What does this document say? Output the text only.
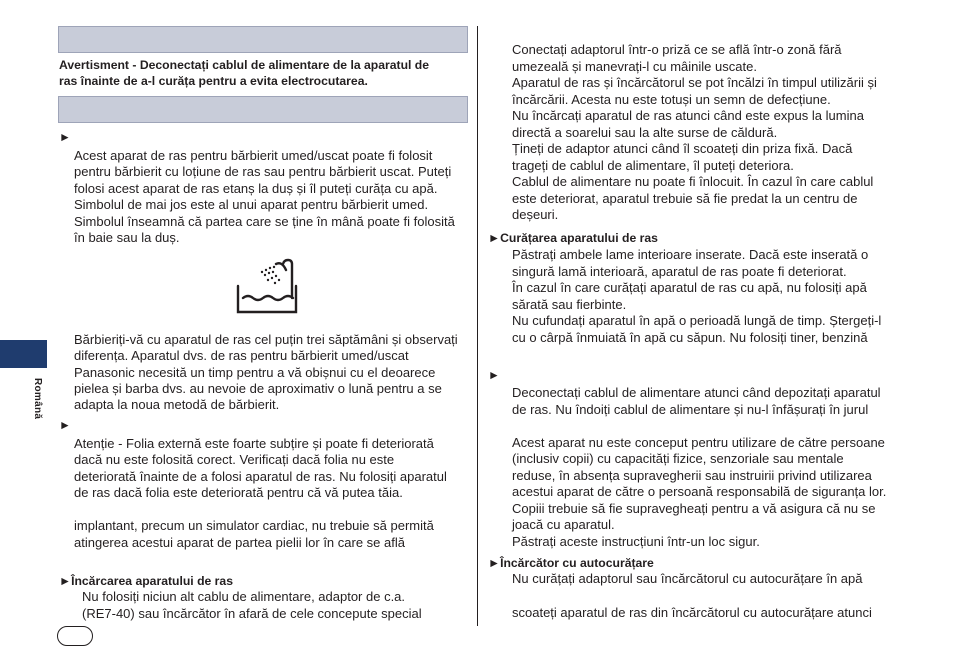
Avertisment - Deconectați cablul de alimentare de la aparatul de
ras înainte de a-l curăța pentru a evita electrocutarea.
►
►
Acest aparat de ras pentru bărbierit umed/uscat poate fi folosit
pentru bărbierit cu loțiune de ras sau pentru bărbierit uscat. Puteți
folosi acest aparat de ras etanș la duș și îl puteți curăța cu apă.
Simbolul de mai jos este al unui aparat pentru bărbierit umed.
Simbolul înseamnă că partea care se ține în mână poate fi folosită
în baie sau la duș.
Bărbieriți-vă cu aparatul de ras cel puțin trei săptămâni și observați
diferența. Aparatul dvs. de ras pentru bărbierit umed/uscat
Panasonic necesită un timp pentru a vă obișnui cu el deoarece
pielea și barba dvs. au nevoie de aproximativ o lună pentru a se
adapta la noua metodă de bărbierit.
Atenție - Folia externă este foarte subțire și poate fi deteriorată
dacă nu este folosită corect. Verificați dacă folia nu este
deteriorată înainte de a folosi aparatul de ras. Nu folosiți aparatul
de ras dacă folia este deteriorată pentru că vă putea tăia.
implantant, precum un simulator cardiac, nu trebuie să permită
atingerea acestui aparat de partea pielii lor în care se află
►Încărcarea aparatului de ras
Nu folosiți niciun alt cablu de alimentare, adaptor de c.a.
(RE7-40) sau încărcător în afară de cele concepute special
Română
Conectați adaptorul într-o priză ce se află într-o zonă fără
umezeală și manevrați-l cu mâinile uscate.
Aparatul de ras și încărcătorul se pot încălzi în timpul utilizării și
încărcării. Acesta nu este totuși un semn de defecțiune.
Nu încărcați aparatul de ras atunci când este expus la lumina
directă a soarelui sau la alte surse de căldură.
Țineți de adaptor atunci când îl scoateți din priza fixă. Dacă
trageți de cablul de alimentare, îl puteți deteriora.
Cablul de alimentare nu poate fi înlocuit. În cazul în care cablul
este deteriorat, aparatul trebuie să fie predat la un centru de
deșeuri.
►Curățarea aparatului de ras
Păstrați ambele lame interioare inserate. Dacă este inserată o
singură lamă interioară, aparatul de ras poate fi deteriorat.
În cazul în care curățați aparatul de ras cu apă, nu folosiți apă
sărată sau fierbinte.
Nu cufundați aparatul în apă o perioadă lungă de timp. Ștergeți-l
cu o cârpă înmuiată în apă cu săpun. Nu folosiți tiner, benzină
►
Deconectați cablul de alimentare atunci când depozitați aparatul
de ras. Nu îndoiți cablul de alimentare și nu-l înfășurați în jurul
Acest aparat nu este conceput pentru utilizare de către persoane
(inclusiv copii) cu capacități fizice, senzoriale sau mentale
reduse, în absența supravegherii sau instruirii privind utilizarea
acestui aparat de către o persoană responsabilă de siguranța lor.
Copiii trebuie să fie supravegheați pentru a vă asigura că nu se
joacă cu aparatul.
Păstrați aceste instrucțiuni într-un loc sigur.
►Încărcător cu autocurățare
Nu curățați adaptorul sau încărcătorul cu autocurățare în apă
scoateți aparatul de ras din încărcătorul cu autocurățare atunci
